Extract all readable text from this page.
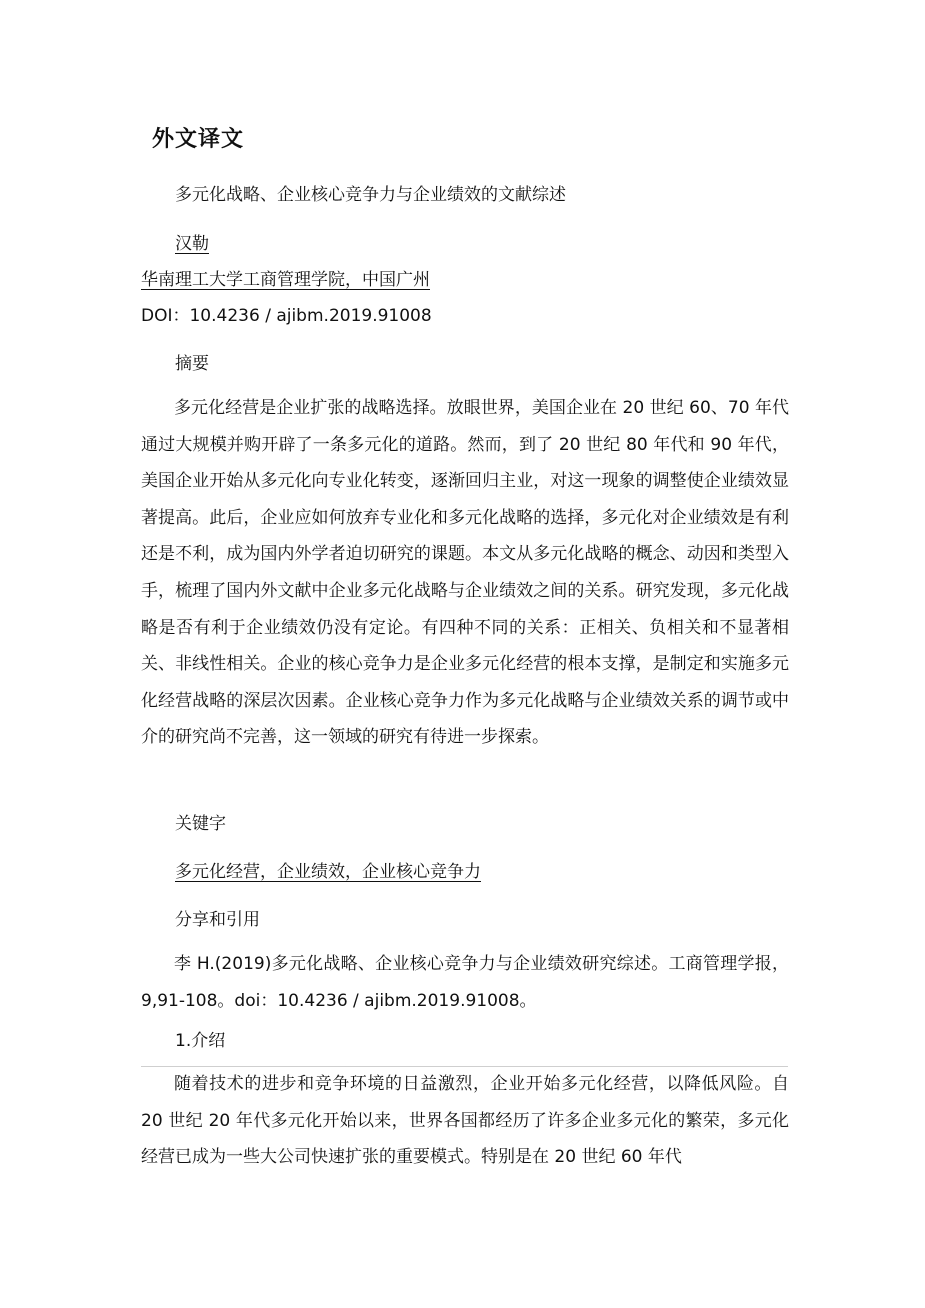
外文译文

多元化战略、企业核心竞争力与企业绩效的文献综述

汉勒

华南理工大学工商管理学院，中国广州

DOI：10.4236 / ajibm.2019.91008

摘要

多元化经营是企业扩张的战略选择。放眼世界，美国企业在 20 世纪 60、70 年代通过大规模并购开辟了一条多元化的道路。然而，到了 20 世纪 80 年代和 90 年代，美国企业开始从多元化向专业化转变，逐渐回归主业，对这一现象的调整使企业绩效显著提高。此后，企业应如何放弃专业化和多元化战略的选择，多元化对企业绩效是有利还是不利，成为国内外学者迫切研究的课题。本文从多元化战略的概念、动因和类型入手，梳理了国内外文献中企业多元化战略与企业绩效之间的关系。研究发现，多元化战略是否有利于企业绩效仍没有定论。有四种不同的关系：正相关、负相关和不显著相关、非线性相关。企业的核心竞争力是企业多元化经营的根本支撑，是制定和实施多元化经营战略的深层次因素。企业核心竞争力作为多元化战略与企业绩效关系的调节或中介的研究尚不完善，这一领域的研究有待进一步探索。

关键字

多元化经营，企业绩效，企业核心竞争力

分享和引用

李 H.(2019)多元化战略、企业核心竞争力与企业绩效研究综述。工商管理学报，9,91-108。doi：10.4236 / ajibm.2019.91008。

1.介绍

随着技术的进步和竞争环境的日益激烈，企业开始多元化经营，以降低风险。自 20 世纪 20 年代多元化开始以来，世界各国都经历了许多企业多元化的繁荣，多元化经营已成为一些大公司快速扩张的重要模式。特别是在 20 世纪 60 年代
